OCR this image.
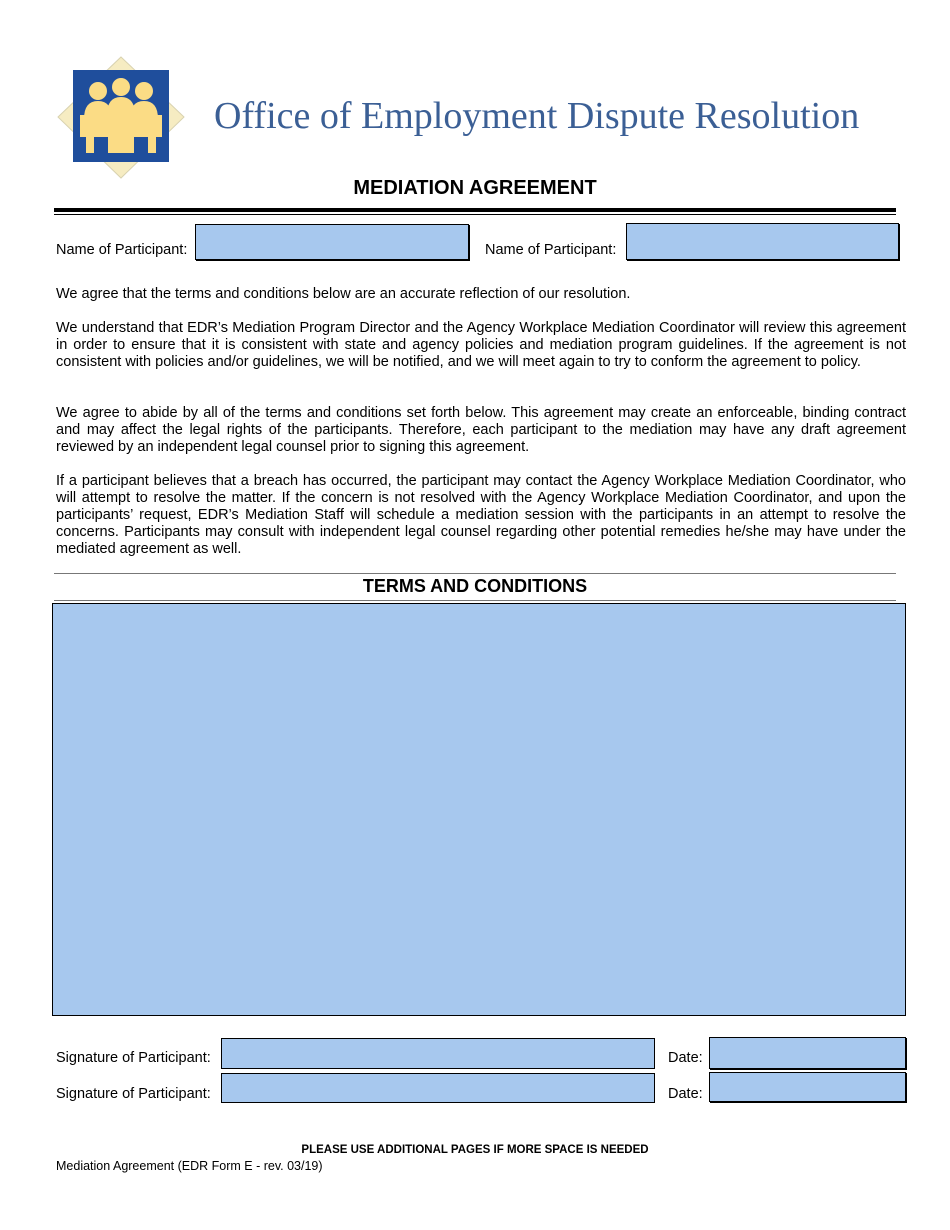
Office of Employment Dispute Resolution
MEDIATION AGREEMENT
Name of Participant:	Name of Participant:

We agree that the terms and conditions below are an accurate reflection of our resolution.

We understand that EDR’s Mediation Program Director and the Agency Workplace Mediation Coordinator will review this agreement in order to ensure that it is consistent with state and agency policies and mediation program guidelines. If the agreement is not consistent with policies and/or guidelines, we will be notified, and we will meet again to try to conform the agreement to policy.

We agree to abide by all of the terms and conditions set forth below. This agreement may create an enforceable, binding contract and may affect the legal rights of the participants. Therefore, each participant to the mediation may have any draft agreement reviewed by an independent legal counsel prior to signing this agreement.

If a participant believes that a breach has occurred, the participant may contact the Agency Workplace Mediation Coordinator, who will attempt to resolve the matter. If the concern is not resolved with the Agency Workplace Mediation Coordinator, and upon the participants’ request, EDR’s Mediation Staff will schedule a mediation session with the participants in an attempt to resolve the concerns. Participants may consult with independent legal counsel regarding other potential remedies he/she may have under the mediated agreement as well.

TERMS AND CONDITIONS
Signature of Participant:	Date:
Signature of Participant:	Date:
PLEASE USE ADDITIONAL PAGES IF MORE SPACE IS NEEDED
Mediation Agreement (EDR Form E - rev. 03/19)
